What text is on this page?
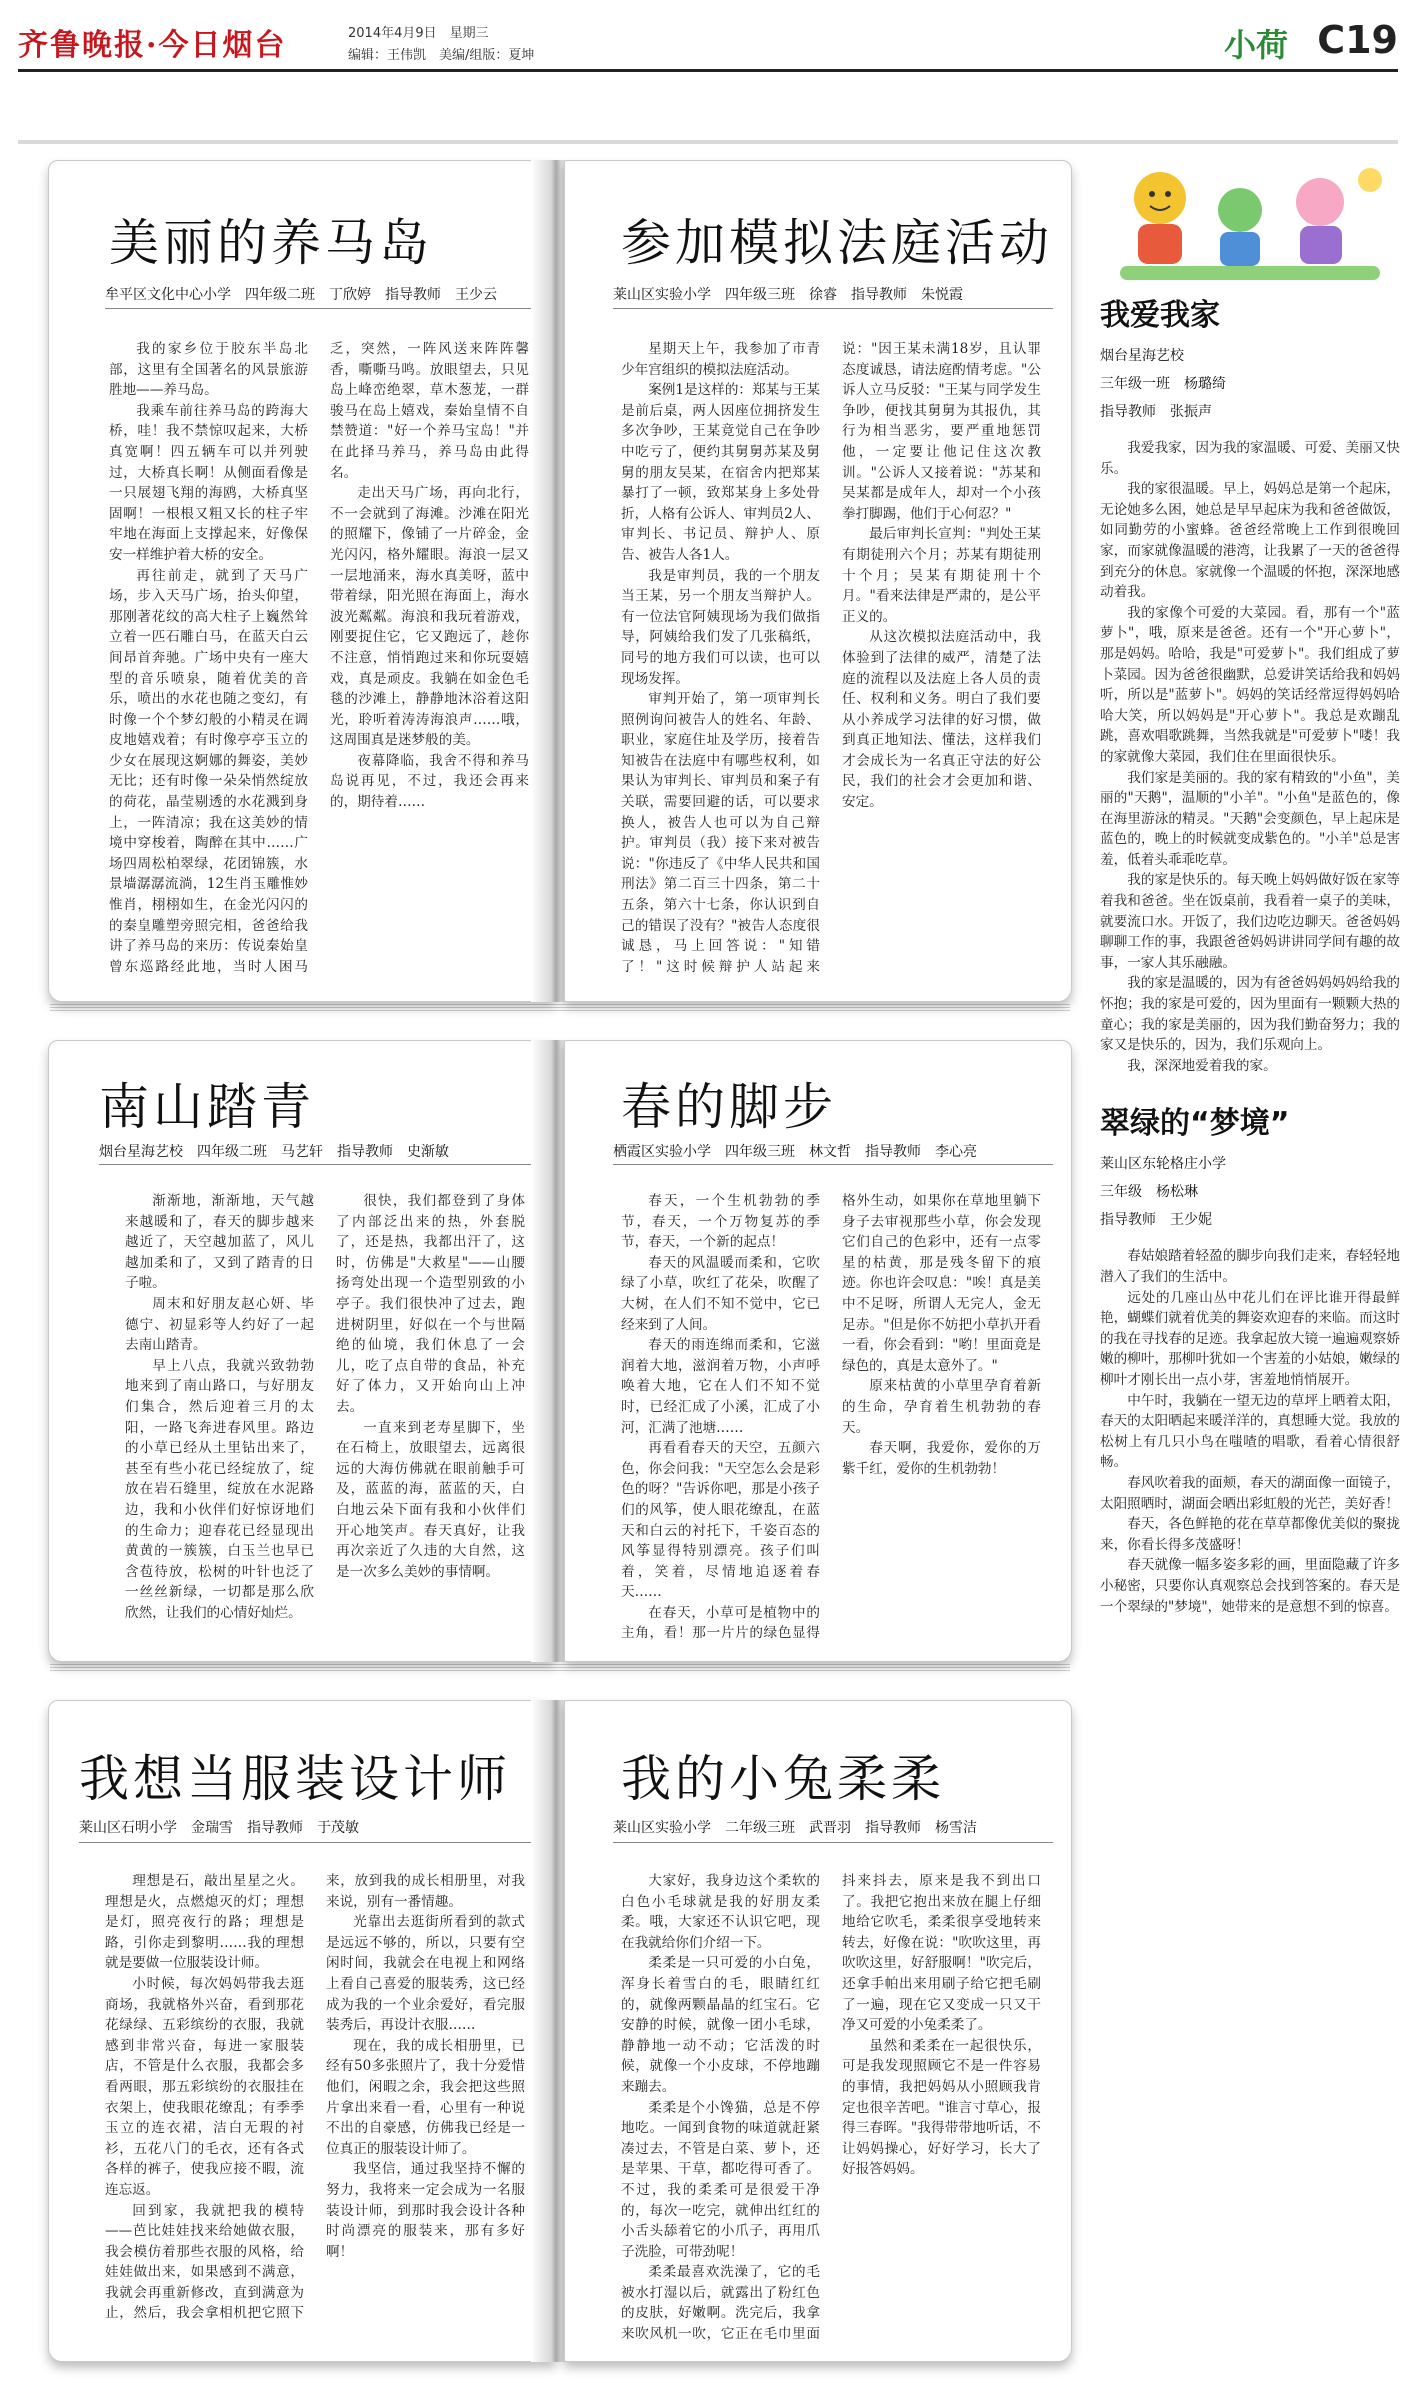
齐鲁晚报·今日烟台	2014年4月9日　星期三
编辑：王伟凯　美编/组版：夏坤	小荷 C19
美丽的养马岛
牟平区文化中心小学 四年级二班 丁欣婷 指导教师 王少云

我的家乡位于胶东半岛北部，这里有全国著名的风景旅游胜地——养马岛。

我乘车前往养马岛的跨海大桥，哇！我不禁惊叹起来，大桥真宽啊！四五辆车可以并列驶过，大桥真长啊！从侧面看像是一只展翅飞翔的海鸥，大桥真坚固啊！一根根又粗又长的柱子牢牢地在海面上支撑起来，好像保安一样维护着大桥的安全。

再往前走，就到了天马广场，步入天马广场，抬头仰望，那刚著花纹的高大柱子上巍然耸立着一匹石雕白马，在蓝天白云间昂首奔驰。广场中央有一座大型的音乐喷泉，随着优美的音乐，喷出的水花也随之变幻，有时像一个个梦幻般的小精灵在调皮地嬉戏着；有时像亭亭玉立的少女在展现这婀娜的舞姿，美妙无比；还有时像一朵朵悄然绽放的荷花，晶莹剔透的水花溅到身上，一阵清凉；我在这美妙的情境中穿梭着，陶醉在其中……广场四周松柏翠绿，花团锦簇，水景墙潺潺流淌，12生肖玉雕惟妙惟肖，栩栩如生，在金光闪闪的的秦皇雕塑旁照完相，爸爸给我讲了养马岛的来历：传说秦始皇曾东巡路经此地，当时人困马乏，突然，一阵风送来阵阵馨香，嘶嘶马鸣。放眼望去，只见岛上峰峦绝翠，草木葱茏，一群骏马在岛上嬉戏，秦始皇情不自禁赞道："好一个养马宝岛！"并在此择马养马，养马岛由此得名。

走出天马广场，再向北行，不一会就到了海滩。沙滩在阳光的照耀下，像铺了一片碎金，金光闪闪，格外耀眼。海浪一层又一层地涌来，海水真美呀，蓝中带着绿，阳光照在海面上，海水波光粼粼。海浪和我玩着游戏，刚要捉住它，它又跑远了，趁你不注意，悄悄跑过来和你玩耍嬉戏，真是顽皮。我躺在如金色毛毯的沙滩上，静静地沐浴着这阳光，聆听着涛涛海浪声……哦，这周围真是迷梦般的美。

夜幕降临，我舍不得和养马岛说再见，不过，我还会再来的，期待着……

参加模拟法庭活动
莱山区实验小学 四年级三班 徐睿 指导教师 朱悦霞

星期天上午，我参加了市青少年宫组织的模拟法庭活动。

案例1是这样的：郑某与王某是前后桌，两人因座位拥挤发生多次争吵，王某竟觉自己在争吵中吃亏了，便约其舅舅苏某及舅舅的朋友吴某，在宿舍内把郑某暴打了一顿，致郑某身上多处骨折，人格有公诉人、审判员2人、审判长、书记员、辩护人、原告、被告人各1人。

我是审判员，我的一个朋友当王某，另一个朋友当辩护人。有一位法官阿姨现场为我们做指导，阿姨给我们发了几张稿纸，同号的地方我们可以读，也可以现场发挥。

审判开始了，第一项审判长照例询问被告人的姓名、年龄、职业，家庭住址及学历，接着告知被告在法庭中有哪些权利，如果认为审判长、审判员和案子有关联，需要回避的话，可以要求换人，被告人也可以为自己辩护。审判员（我）接下来对被告说："你违反了《中华人民共和国刑法》第二百三十四条，第二十五条，第六十七条，你认识到自己的错误了没有？"被告人态度很诚恳，马上回答说："知错了！"这时候辩护人站起来说："因王某未满18岁，且认罪态度诚恳，请法庭酌情考虑。"公诉人立马反驳："王某与同学发生争吵，便找其舅舅为其报仇，其行为相当恶劣，要严重地惩罚他，一定要让他记住这次教训。"公诉人又接着说："苏某和吴某都是成年人，却对一个小孩拳打脚踢，他们于心何忍？"

最后审判长宣判："判处王某有期徒刑六个月；苏某有期徒刑十个月；吴某有期徒刑十个月。"看来法律是严肃的，是公平正义的。

从这次模拟法庭活动中，我体验到了法律的威严，清楚了法庭的流程以及法庭上各人员的责任、权利和义务。明白了我们要从小养成学习法律的好习惯，做到真正地知法、懂法，这样我们才会成长为一名真正守法的好公民，我们的社会才会更加和谐、安定。

南山踏青
烟台星海艺校 四年级二班 马艺轩 指导教师 史渐敏

渐渐地，渐渐地，天气越来越暖和了，春天的脚步越来越近了，天空越加蓝了，风儿越加柔和了，又到了踏青的日子啦。

周末和好朋友赵心妍、毕德宁、初显彩等人约好了一起去南山踏青。

早上八点，我就兴致勃勃地来到了南山路口，与好朋友们集合，然后迎着三月的太阳，一路飞奔进春风里。路边的小草已经从土里钻出来了，甚至有些小花已经绽放了，绽放在岩石缝里，绽放在水泥路边，我和小伙伴们好惊讶地们的生命力；迎春花已经显现出黄黄的一簇簇，白玉兰也早已含苞待放，松树的叶针也泛了一丝丝新绿，一切都是那么欣欣然，让我们的心情好灿烂。

很快，我们都登到了身体了内部泛出来的热，外套脱了，还是热，我都出汗了，这时，仿佛是"大救星"——山腰扬弯处出现一个造型别致的小亭子。我们很快冲了过去，跑进树阴里，好似在一个与世隔绝的仙境，我们休息了一会儿，吃了点自带的食品，补充好了体力，又开始向山上冲去。

一直来到老寿星脚下，坐在石椅上，放眼望去，远离很远的大海仿佛就在眼前触手可及，蓝蓝的海，蓝蓝的天，白白地云朵下面有我和小伙伴们开心地笑声。春天真好，让我再次亲近了久违的大自然，这是一次多么美妙的事情啊。

春的脚步
栖霞区实验小学 四年级三班 林文哲 指导教师 李心亮

春天，一个生机勃勃的季节，春天，一个万物复苏的季节，春天，一个新的起点！

春天的风温暖而柔和，它吹绿了小草，吹红了花朵，吹醒了大树，在人们不知不觉中，它已经来到了人间。

春天的雨连绵而柔和，它滋润着大地，滋润着万物，小声呼唤着大地，它在人们不知不觉时，已经汇成了小溪，汇成了小河，汇满了池塘……

再看看春天的天空，五颜六色，你会问我："天空怎么会是彩色的呀？"告诉你吧，那是小孩子们的风筝，使人眼花缭乱，在蓝天和白云的衬托下，千姿百态的风筝显得特别漂亮。孩子们叫着，笑着，尽情地追逐着春天……

在春天，小草可是植物中的主角，看！那一片片的绿色显得格外生动，如果你在草地里躺下身子去审视那些小草，你会发现它们自己的色彩中，还有一点零星的枯黄，那是残冬留下的痕迹。你也许会叹息："唉！真是美中不足呀，所谓人无完人，金无足赤。"但是你不妨把小草扒开看一看，你会看到："哟！里面竟是绿色的，真是太意外了。"

原来枯黄的小草里孕育着新的生命，孕育着生机勃勃的春天。

春天啊，我爱你，爱你的万紫千红，爱你的生机勃勃！

我想当服装设计师
莱山区石明小学 金瑞雪 指导教师 于茂敏

理想是石，敲出星星之火。理想是火，点燃熄灭的灯；理想是灯，照亮夜行的路；理想是路，引你走到黎明……我的理想就是要做一位服装设计师。

小时候，每次妈妈带我去逛商场，我就格外兴奋，看到那花花绿绿、五彩缤纷的衣服，我就感到非常兴奋，每进一家服装店，不管是什么衣服，我都会多看两眼，那五彩缤纷的衣服挂在衣架上，使我眼花缭乱；有季季玉立的连衣裙，洁白无瑕的衬衫，五花八门的毛衣，还有各式各样的裤子，使我应接不暇，流连忘返。

回到家，我就把我的模特——芭比娃娃找来给她做衣服，我会模仿着那些衣服的风格，给娃娃做出来，如果感到不满意，我就会再重新修改，直到满意为止，然后，我会拿相机把它照下来，放到我的成长相册里，对我来说，别有一番情趣。

光靠出去逛街所看到的款式是远远不够的，所以，只要有空闲时间，我就会在电视上和网络上看自己喜爱的服装秀，这已经成为我的一个业余爱好，看完服装秀后，再设计衣服……

现在，我的成长相册里，已经有50多张照片了，我十分爱惜他们，闲暇之余，我会把这些照片拿出来看一看，心里有一种说不出的自豪感，仿佛我已经是一位真正的服装设计师了。

我坚信，通过我坚持不懈的努力，我将来一定会成为一名服装设计师，到那时我会设计各种时尚漂亮的服装来，那有多好啊！

我的小兔柔柔
莱山区实验小学 二年级三班 武晋羽 指导教师 杨雪洁

大家好，我身边这个柔软的白色小毛球就是我的好朋友柔柔。哦，大家还不认识它吧，现在我就给你们介绍一下。

柔柔是一只可爱的小白兔，浑身长着雪白的毛，眼睛红红的，就像两颗晶晶的红宝石。它安静的时候，就像一团小毛球，静静地一动不动；它活泼的时候，就像一个小皮球，不停地蹦来蹦去。

柔柔是个小馋猫，总是不停地吃。一闻到食物的味道就赶紧凑过去，不管是白菜、萝卜，还是苹果、干草，都吃得可香了。不过，我的柔柔可是很爱干净的，每次一吃完，就伸出红红的小舌头舔着它的小爪子，再用爪子洗脸，可带劲呢！

柔柔最喜欢洗澡了，它的毛被水打湿以后，就露出了粉红色的皮肤，好嫩啊。洗完后，我拿来吹风机一吹，它正在毛巾里面抖来抖去，原来是我不到出口了。我把它抱出来放在腿上仔细地给它吹毛，柔柔很享受地转来转去，好像在说："吹吹这里，再吹吹这里，好舒服啊！"吹完后，还拿手帕出来用刷子给它把毛刷了一遍，现在它又变成一只又干净又可爱的小兔柔柔了。

虽然和柔柔在一起很快乐，可是我发现照顾它不是一件容易的事情，我把妈妈从小照顾我肯定也很辛苦吧。"谁言寸草心，报得三春晖。"我得带带地听话，不让妈妈操心，好好学习，长大了好报答妈妈。

我爱我家
烟台星海艺校
三年级一班　杨璐绮
指导教师　张振声

我爱我家，因为我的家温暖、可爱、美丽又快乐。

我的家很温暖。早上，妈妈总是第一个起床，无论她多么困，她总是早早起床为我和爸爸做饭，如同勤劳的小蜜蜂。爸爸经常晚上工作到很晚回家，而家就像温暖的港湾，让我累了一天的爸爸得到充分的休息。家就像一个温暖的怀抱，深深地感动着我。

我的家像个可爱的大菜园。看，那有一个"蓝萝卜"，哦，原来是爸爸。还有一个"开心萝卜"，那是妈妈。哈哈，我是"可爱萝卜"。我们组成了萝卜菜园。因为爸爸很幽默，总爱讲笑话给我和妈妈听，所以是"蓝萝卜"。妈妈的笑话经常逗得妈妈哈哈大笑，所以妈妈是"开心萝卜"。我总是欢蹦乱跳，喜欢唱歌跳舞，当然我就是"可爱萝卜"喽！我的家就像大菜园，我们住在里面很快乐。

我们家是美丽的。我的家有精致的"小鱼"，美丽的"天鹅"，温顺的"小羊"。"小鱼"是蓝色的，像在海里游泳的精灵。"天鹅"会变颜色，早上起床是蓝色的，晚上的时候就变成紫色的。"小羊"总是害羞，低着头乖乖吃草。

我的家是快乐的。每天晚上妈妈做好饭在家等着我和爸爸。坐在饭桌前，我看着一桌子的美味，就要流口水。开饭了，我们边吃边聊天。爸爸妈妈聊聊工作的事，我跟爸爸妈妈讲讲同学间有趣的故事，一家人其乐融融。

我的家是温暖的，因为有爸爸妈妈妈妈给我的怀抱；我的家是可爱的，因为里面有一颗颗大热的童心；我的家是美丽的，因为我们勤奋努力；我的家又是快乐的，因为，我们乐观向上。

我，深深地爱着我的家。

翠绿的“梦境”
莱山区东轮格庄小学
三年级　杨松琳
指导教师　王少妮

春姑娘踏着轻盈的脚步向我们走来，春轻轻地潜入了我们的生活中。

远处的几座山丛中花儿们在评比谁开得最鲜艳，蝴蝶们就着优美的舞姿欢迎春的来临。而这时的我在寻找春的足迹。我拿起放大镜一遍遍观察娇嫩的柳叶，那柳叶犹如一个害羞的小姑娘，嫩绿的柳叶才刚长出一点小芽，害羞地悄悄展开。

中午时，我躺在一望无边的草坪上晒着太阳，春天的太阳晒起来暖洋洋的，真想睡大觉。我放的松树上有几只小鸟在嗤喳的唱歌，看着心情很舒畅。

春风吹着我的面颊，春天的湖面像一面镜子，太阳照晒时，湖面会晒出彩虹般的光芒，美好香！

春天，各色鲜艳的花在草草都像优美似的聚拢来，你看长得多茂盛呀！

春天就像一幅多姿多彩的画，里面隐藏了许多小秘密，只要你认真观察总会找到答案的。春天是一个翠绿的"梦境"，她带来的是意想不到的惊喜。
